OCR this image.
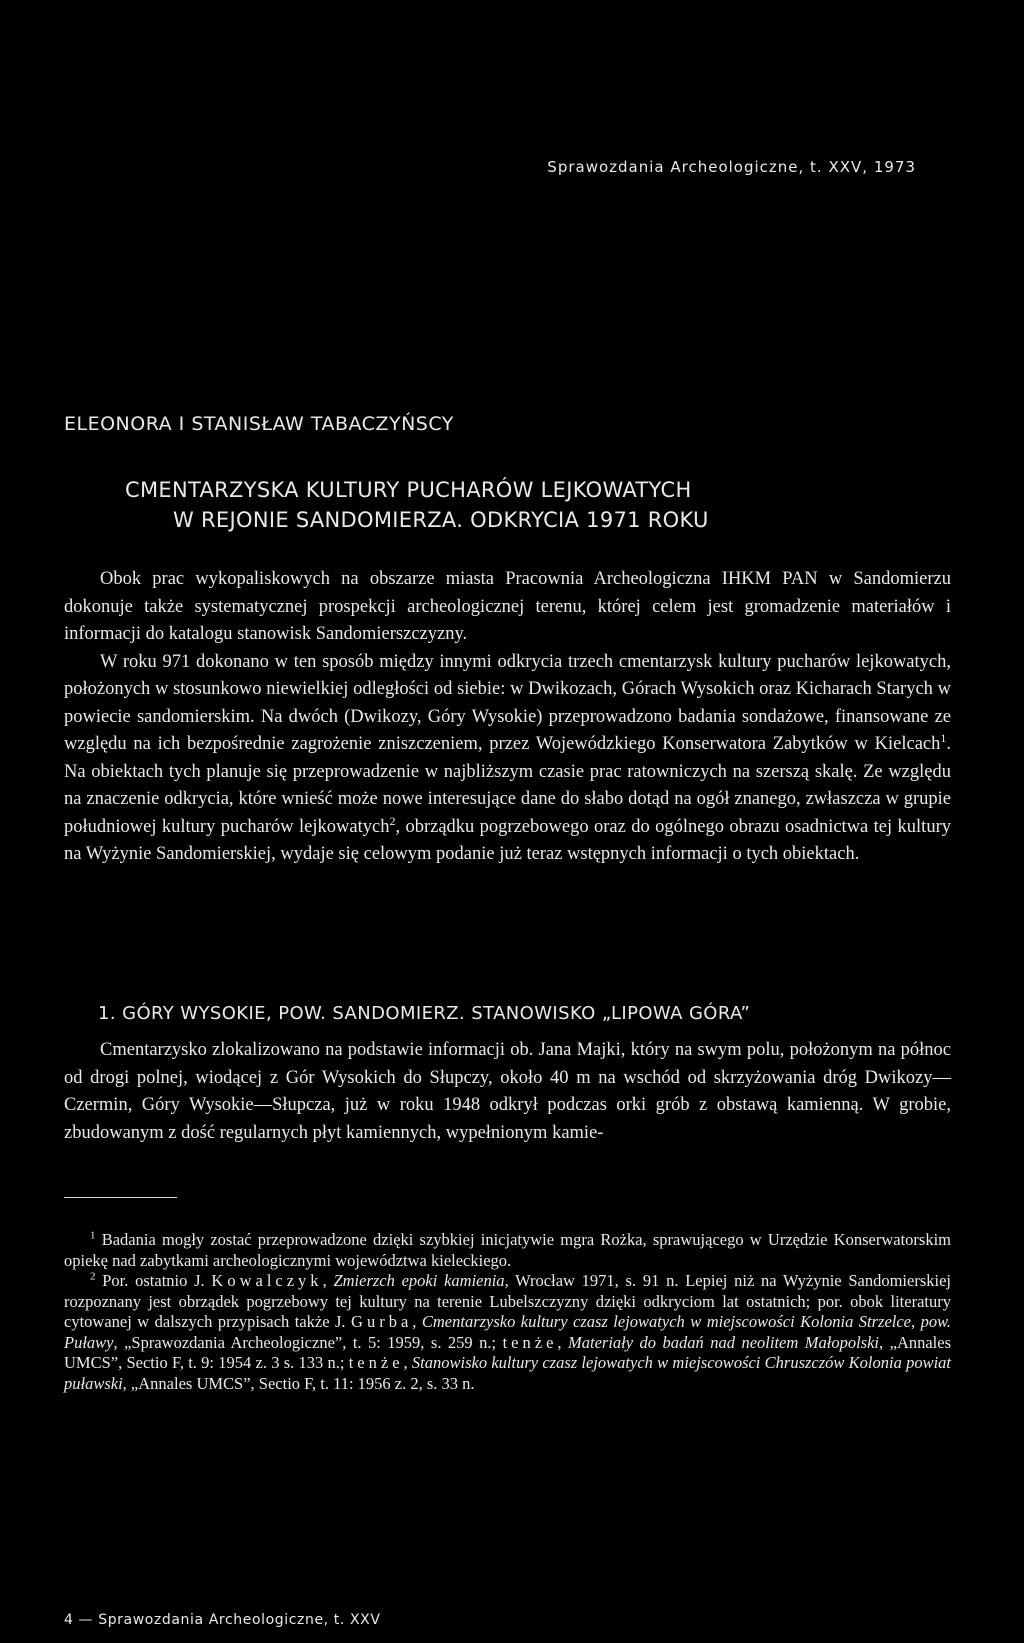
Sprawozdania Archeologiczne, t. XXV, 1973
ELEONORA I STANISŁAW TABACZYŃSCY
CMENTARZYSKA KULTURY PUCHARÓW LEJKOWATYCH
W REJONIE SANDOMIERZA. ODKRYCIA 1971 ROKU

Obok prac wykopaliskowych na obszarze miasta Pracownia Archeologiczna IHKM PAN w Sandomierzu dokonuje także systematycznej prospekcji archeologicznej terenu, której celem jest gromadzenie materiałów i informacji do katalogu stanowisk Sandomierszczyzny.

W roku 971 dokonano w ten sposób między innymi odkrycia trzech cmentarzysk kultury pucharów lejkowatych, położonych w stosunkowo niewielkiej odległości od siebie: w Dwikozach, Górach Wysokich oraz Kicharach Starych w powiecie sandomierskim. Na dwóch (Dwikozy, Góry Wysokie) przeprowadzono badania sondażowe, finansowane ze względu na ich bezpośrednie zagrożenie zniszczeniem, przez Wojewódzkiego Konserwatora Zabytków w Kielcach$^1$. Na obiektach tych planuje się przeprowadzenie w najbliższym czasie prac ratowniczych na szerszą skalę. Ze względu na znaczenie odkrycia, które wnieść może nowe interesujące dane do słabo dotąd na ogół znanego, zwłaszcza w grupie południowej kultury pucharów lejkowatych$^2$, obrządku pogrzebowego oraz do ogólnego obrazu osadnictwa tej kultury na Wyżynie Sandomierskiej, wydaje się celowym podanie już teraz wstępnych informacji o tych obiektach.

1. GÓRY WYSOKIE, POW. SANDOMIERZ. STANOWISKO „LIPOWA GÓRA”

Cmentarzysko zlokalizowano na podstawie informacji ob. Jana Majki, który na swym polu, położonym na północ od drogi polnej, wiodącej z Gór Wysokich do Słupczy, około 40 m na wschód od skrzyżowania dróg Dwikozy—Czermin, Góry Wysokie—Słupcza, już w roku 1948 odkrył podczas orki grób z obstawą kamienną. W grobie, zbudowanym z dość regularnych płyt kamiennych, wypełnionym kamie-

$^1$ Badania mogły zostać przeprowadzone dzięki szybkiej inicjatywie mgra Rożka, sprawującego w Urzędzie Konserwatorskim opiekę nad zabytkami archeologicznymi województwa kieleckiego.

$^2$ Por. ostatnio J. Kowalczyk, Zmierzch epoki kamienia, Wrocław 1971, s. 91 n. Lepiej niż na Wyżynie Sandomierskiej rozpoznany jest obrządek pogrzebowy tej kultury na terenie Lubelszczyzny dzięki odkryciom lat ostatnich; por. obok literatury cytowanej w dalszych przypisach także J. Gurba, Cmentarzysko kultury czasz lejowatych w miejscowości Kolonia Strzelce, pow. Puławy, „Sprawozdania Archeologiczne”, t. 5: 1959, s. 259 n.; tenże, Materiały do badań nad neolitem Małopolski, „Annales UMCS”, Sectio F, t. 9: 1954 z. 3 s. 133 n.; tenże, Stanowisko kultury czasz lejowatych w miejscowości Chruszczów Kolonia powiat puławski, „Annales UMCS”, Sectio F, t. 11: 1956 z. 2, s. 33 n.

4 — Sprawozdania Archeologiczne, t. XXV
